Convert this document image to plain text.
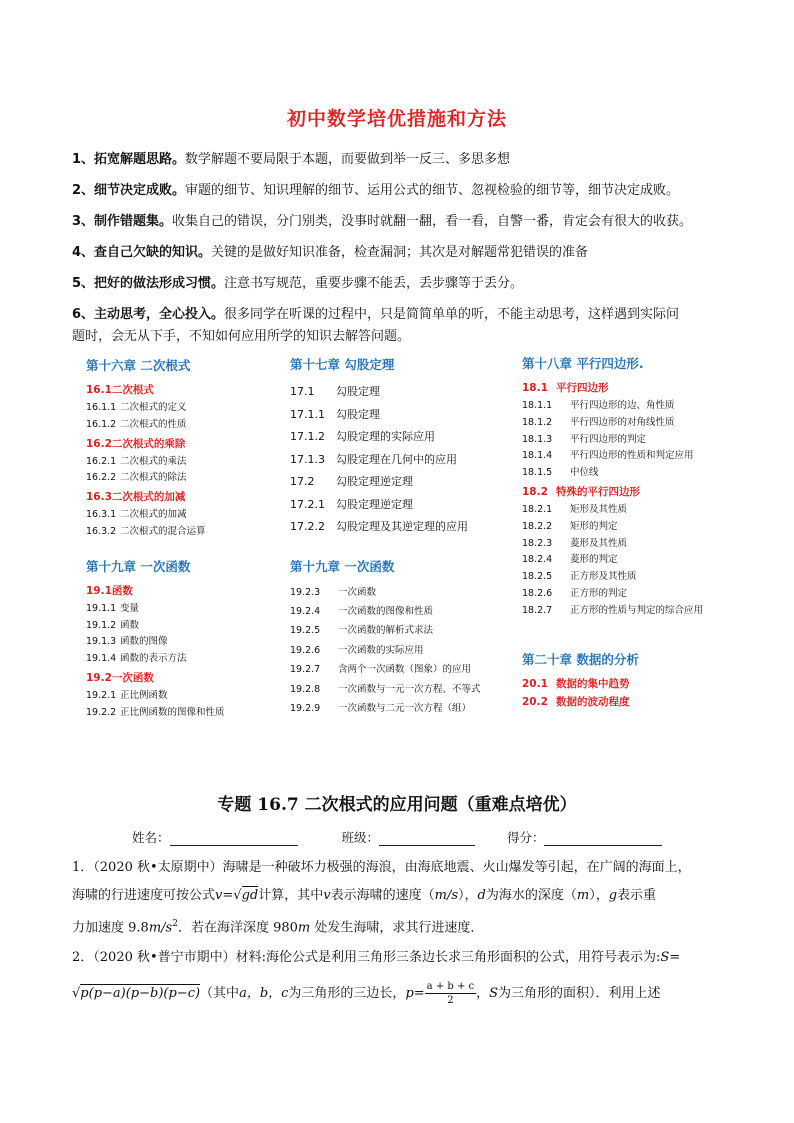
初中数学培优措施和方法
1、拓宽解题思路。数学解题不要局限于本题，而要做到举一反三、多思多想
2、细节决定成败。审题的细节、知识理解的细节、运用公式的细节、忽视检验的细节等，细节决定成败。
3、制作错题集。收集自己的错误，分门别类，没事时就翻一翻，看一看，自警一番，肯定会有很大的收获。
4、查自己欠缺的知识。关键的是做好知识准备，检查漏洞；其次是对解题常犯错误的准备
5、把好的做法形成习惯。注意书写规范，重要步骤不能丢，丢步骤等于丢分。
6、主动思考，全心投入。很多同学在听课的过程中，只是简简单单的听，不能主动思考，这样遇到实际问
题时，会无从下手，不知如何应用所学的知识去解答问题。
第十六章 二次根式
16.1二次根式
16.1.1 二次根式的定义
16.1.2 二次根式的性质
16.2二次根式的乘除
16.2.1 二次根式的乘法
16.2.2 二次根式的除法
16.3二次根式的加减
16.3.1 二次根式的加减
16.3.2 二次根式的混合运算
第十九章 一次函数
19.1函数
19.1.1 变量
19.1.2 函数
19.1.3 函数的图像
19.1.4 函数的表示方法
19.2一次函数
19.2.1 正比例函数
19.2.2 正比例函数的图像和性质
第十七章 勾股定理
17.1 勾股定理
17.1.1 勾股定理
17.1.2 勾股定理的实际应用
17.1.3 勾股定理在几何中的应用
17.2 勾股定理逆定理
17.2.1 勾股定理逆定理
17.2.2 勾股定理及其逆定理的应用
第十九章 一次函数
19.2.3 一次函数
19.2.4 一次函数的图像和性质
19.2.5 一次函数的解析式求法
19.2.6 一次函数的实际应用
19.2.7 含两个一次函数（图象）的应用
19.2.8 一次函数与一元一次方程、不等式
19.2.9 一次函数与二元一次方程（组）
第十八章 平行四边形.
18.1 平行四边形
18.1.1 平行四边形的边、角性质
18.1.2 平行四边形的对角线性质
18.1.3 平行四边形的判定
18.1.4 平行四边形的性质和判定应用
18.1.5 中位线
18.2 特殊的平行四边形
18.2.1 矩形及其性质
18.2.2 矩形的判定
18.2.3 菱形及其性质
18.2.4 菱形的判定
18.2.5 正方形及其性质
18.2.6 正方形的判定
18.2.7 正方形的性质与判定的综合应用
第二十章 数据的分析
20.1 数据的集中趋势
20.2 数据的波动程度
专题 16.7 二次根式的应用问题（重难点培优）
姓名：	班级：	得分：
1．（2020 秋•太原期中）海啸是一种破坏力极强的海浪，由海底地震、火山爆发等引起，在广阔的海面上，
海啸的行进速度可按公式v=√gd计算，其中v表示海啸的速度（m/s），d为海水的深度（m），g表示重
力加速度 $9.8m/s^2$．若在海洋深度 980m 处发生海啸，求其行进速度．
2．（2020 秋•普宁市期中）材料:海伦公式是利用三角形三条边长求三角形面积的公式，用符号表示为:S=
√p(p−a)(p−b)(p−c)（其中a，b，c为三角形的三边长，$p= \frac{a + b + c}{2}$ ，S为三角形的面积）．利用上述
